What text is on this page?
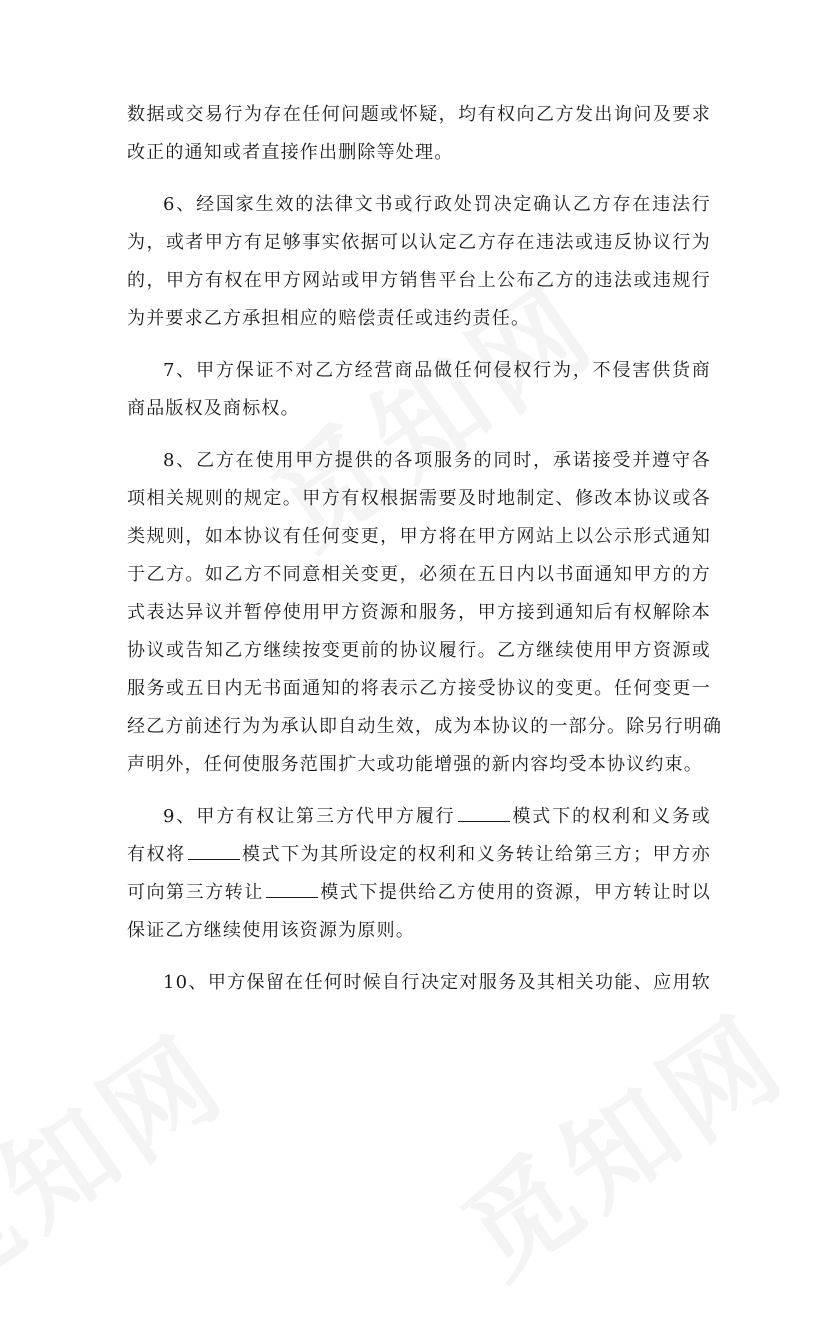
数据或交易行为存在任何问题或怀疑，均有权向乙方发出询问及要求
改正的通知或者直接作出删除等处理。

6、经国家生效的法律文书或行政处罚决定确认乙方存在违法行
为，或者甲方有足够事实依据可以认定乙方存在违法或违反协议行为
的，甲方有权在甲方网站或甲方销售平台上公布乙方的违法或违规行
为并要求乙方承担相应的赔偿责任或违约责任。

7、甲方保证不对乙方经营商品做任何侵权行为，不侵害供货商
商品版权及商标权。

8、乙方在使用甲方提供的各项服务的同时，承诺接受并遵守各
项相关规则的规定。甲方有权根据需要及时地制定、修改本协议或各
类规则，如本协议有任何变更，甲方将在甲方网站上以公示形式通知
于乙方。如乙方不同意相关变更，必须在五日内以书面通知甲方的方
式表达异议并暂停使用甲方资源和服务，甲方接到通知后有权解除本
协议或告知乙方继续按变更前的协议履行。乙方继续使用甲方资源或
服务或五日内无书面通知的将表示乙方接受协议的变更。任何变更一
经乙方前述行为为承认即自动生效，成为本协议的一部分。除另行明确
声明外，任何使服务范围扩大或功能增强的新内容均受本协议约束。

9、甲方有权让第三方代甲方履行	模式下的权利和义务或
有权将	模式下为其所设定的权利和义务转让给第三方；甲方亦
可向第三方转让	模式下提供给乙方使用的资源，甲方转让时以
保证乙方继续使用该资源为原则。

10、甲方保留在任何时候自行决定对服务及其相关功能、应用软
